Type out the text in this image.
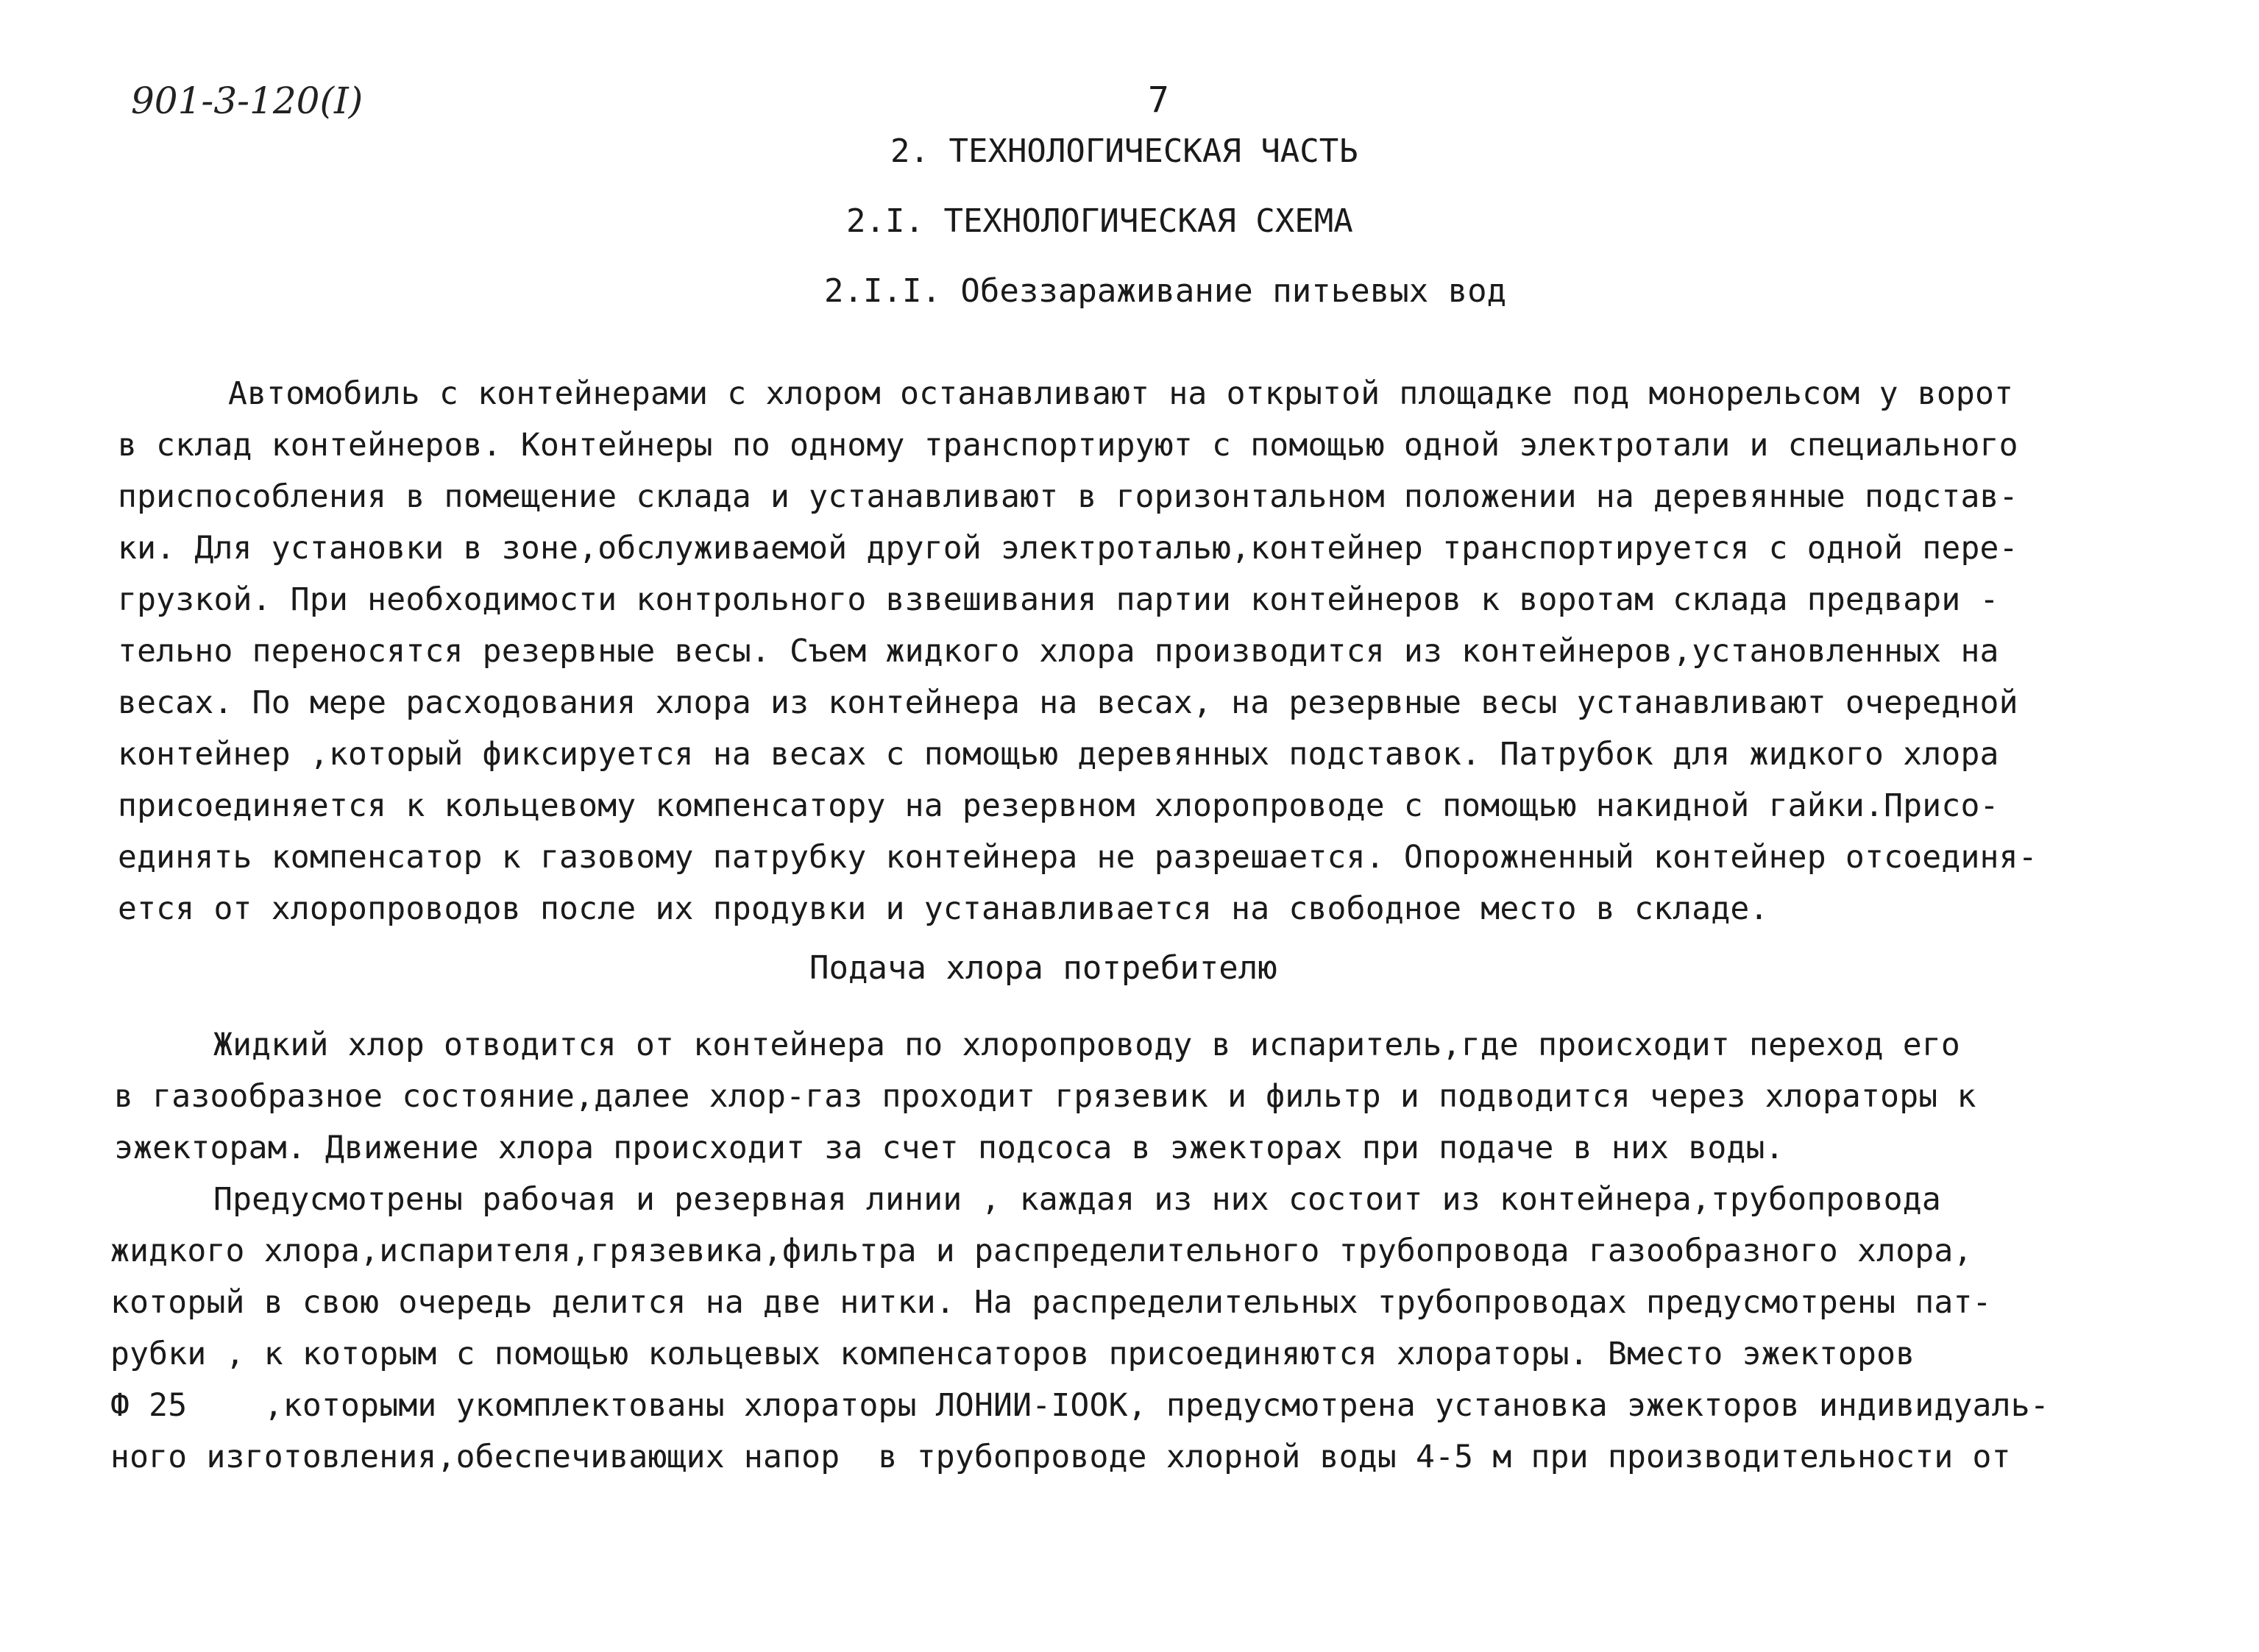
901-3-120(I)	7
2. ТЕХНОЛОГИЧЕСКАЯ ЧАСТЬ
2.I. ТЕХНОЛОГИЧЕСКАЯ СХЕМА
2.I.I. Обеззараживание питьевых вод
Автомобиль с контейнерами с хлором останавливают на открытой площадке под монорельсом у ворот
в склад контейнеров. Контейнеры по одному транспортируют с помощью одной электротали и специального
приспособления в помещение склада и устанавливают в горизонтальном положении на деревянные подстав-
ки. Для установки в зоне,обслуживаемой другой электроталью,контейнер транспортируется с одной пере-
грузкой. При необходимости контрольного взвешивания партии контейнеров к воротам склада предвари -
тельно переносятся резервные весы. Съем жидкого хлора производится из контейнеров,установленных на
весах. По мере расходования хлора из контейнера на весах, на резервные весы устанавливают очередной
контейнер ,который фиксируется на весах с помощью деревянных подставок. Патрубок для жидкого хлора
присоединяется к кольцевому компенсатору на резервном хлоропроводе с помощью накидной гайки.Присо-
единять компенсатор к газовому патрубку контейнера не разрешается. Опорожненный контейнер отсоединя-
ется от хлоропроводов после их продувки и устанавливается на свободное место в складе.
Подача хлора потребителю
Жидкий хлор отводится от контейнера по хлоропроводу в испаритель,где происходит переход его
в газообразное состояние,далее хлор-газ проходит грязевик и фильтр и подводится через хлораторы к
эжекторам. Движение хлора происходит за счет подсоса в эжекторах при подаче в них воды.
Предусмотрены рабочая и резервная линии , каждая из них состоит из контейнера,трубопровода
жидкого хлора,испарителя,грязевика,фильтра и распределительного трубопровода газообразного хлора,
который в свою очередь делится на две нитки. На распределительных трубопроводах предусмотрены пат-
рубки , к которым с помощью кольцевых компенсаторов присоединяются хлораторы. Вместо эжекторов
Ф 25    ,которыми укомплектованы хлораторы ЛОНИИ-IOOК, предусмотрена установка эжекторов индивидуаль-
ного изготовления,обеспечивающих напор  в трубопроводе хлорной воды 4-5 м при производительности от
